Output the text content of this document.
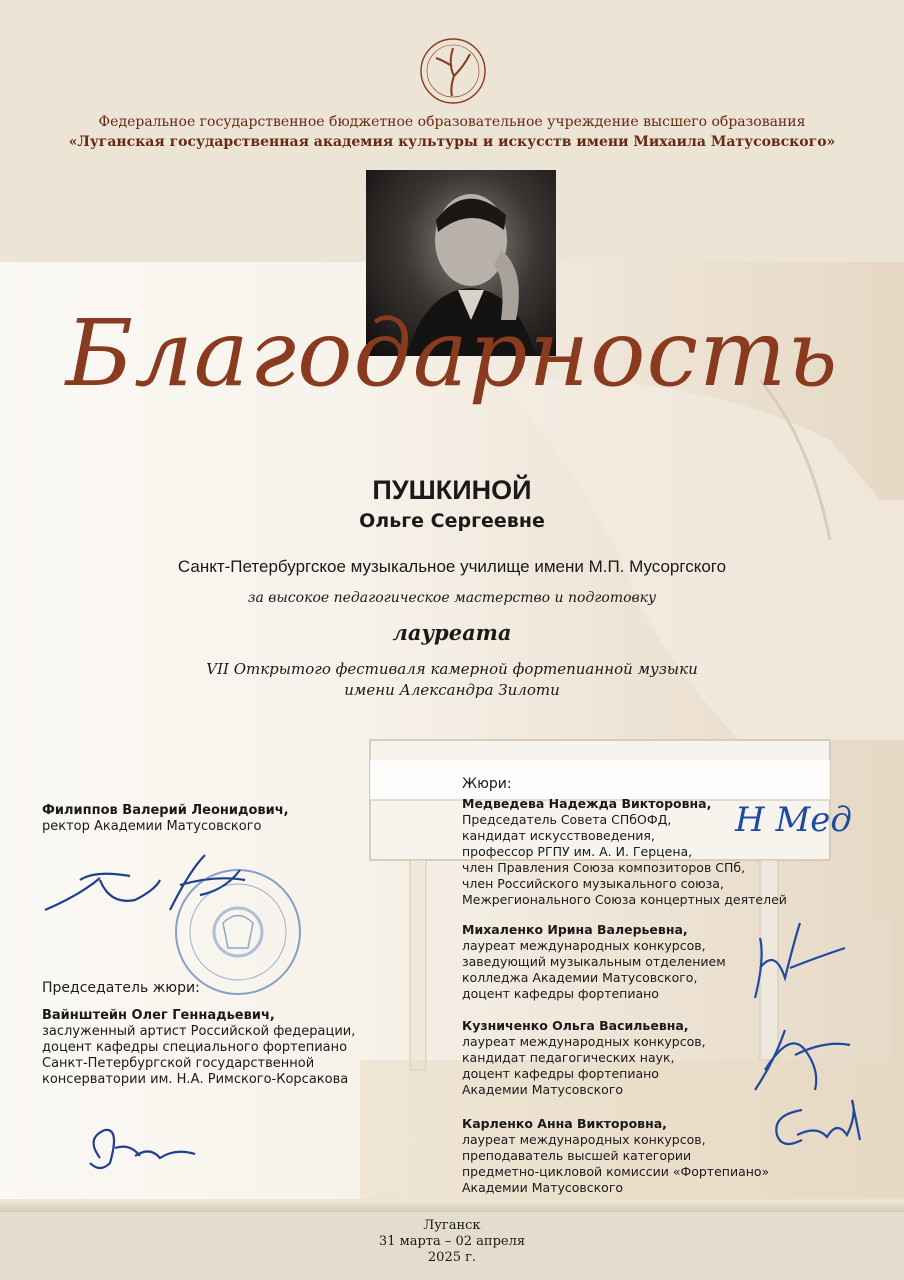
Федеральное государственное бюджетное образовательное учреждение высшего образования
«Луганская государственная академия культуры и искусств имени Михаила Матусовского»
Благодарность
ПУШКИНОЙ
Ольге Сергеевне
Санкт-Петербургское музыкальное училище имени М.П. Мусоргского
за высокое педагогическое мастерство и подготовку
лауреата
VII Открытого фестиваля камерной фортепианной музыки
имени Александра Зилоти
Филиппов Валерий Леонидович,
ректор Академии Матусовского
Председатель жюри:
Вайнштейн Олег Геннадьевич,
заслуженный артист Российской федерации,
доцент кафедры специального фортепиано
Санкт-Петербургской государственной
консерватории им. Н.А. Римского-Корсакова
Жюри:
Медведева Надежда Викторовна,
Председатель Совета СПбОФД,
кандидат искусствоведения,
профессор РГПУ им. А. И. Герцена,
член Правления Союза композиторов СПб,
член Российского музыкального союза,
Межрегионального Союза концертных деятелей
Н Мед
Михаленко Ирина Валерьевна,
лауреат международных конкурсов,
заведующий музыкальным отделением
колледжа Академии Матусовского,
доцент кафедры фортепиано
Кузниченко Ольга Васильевна,
лауреат международных конкурсов,
кандидат педагогических наук,
доцент кафедры фортепиано
Академии Матусовского
Карленко Анна Викторовна,
лауреат международных конкурсов,
преподаватель высшей категории
предметно-цикловой комиссии «Фортепиано»
Академии Матусовского
Луганск
31 марта – 02 апреля
2025 г.
